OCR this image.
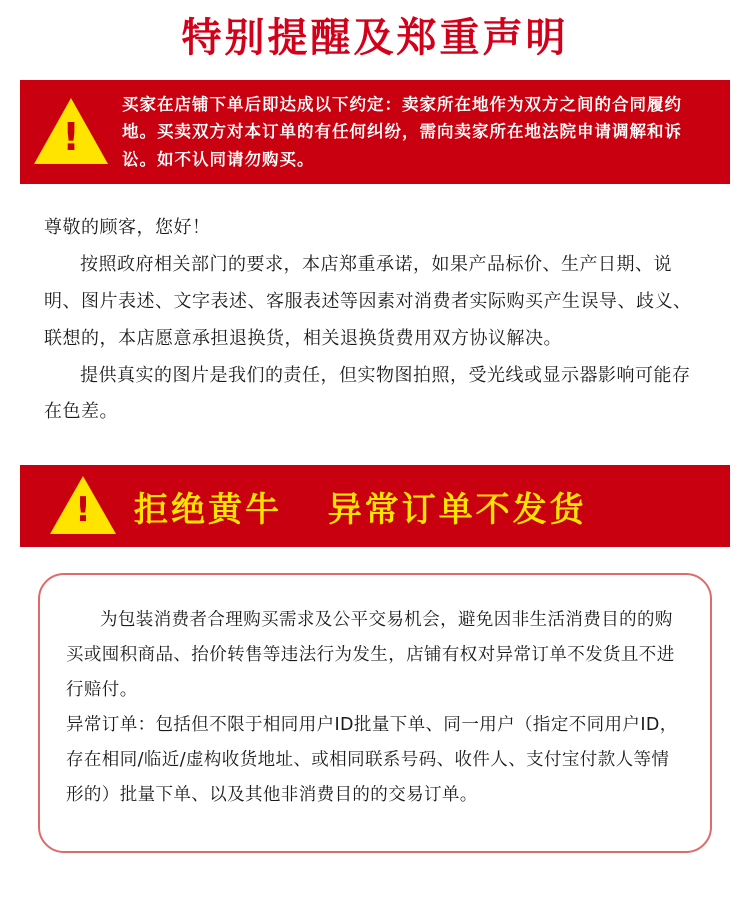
特别提醒及郑重声明
!
买家在店铺下单后即达成以下约定：卖家所在地作为双方之间的合同履约地。买卖双方对本订单的有任何纠纷，需向卖家所在地法院申请调解和诉讼。如不认同请勿购买。

尊敬的顾客，您好！

按照政府相关部门的要求，本店郑重承诺，如果产品标价、生产日期、说明、图片表述、文字表述、客服表述等因素对消费者实际购买产生误导、歧义、联想的，本店愿意承担退换货，相关退换货费用双方协议解决。

提供真实的图片是我们的责任，但实物图拍照，受光线或显示器影响可能存在色差。

!	拒绝黄牛 异常订单不发货

为包装消费者合理购买需求及公平交易机会，避免因非生活消费目的的购买或囤积商品、抬价转售等违法行为发生，店铺有权对异常订单不发货且不进行赔付。

异常订单：包括但不限于相同用户ID批量下单、同一用户（指定不同用户ID，存在相同/临近/虚构收货地址、或相同联系号码、收件人、支付宝付款人等情形的）批量下单、以及其他非消费目的的交易订单。
